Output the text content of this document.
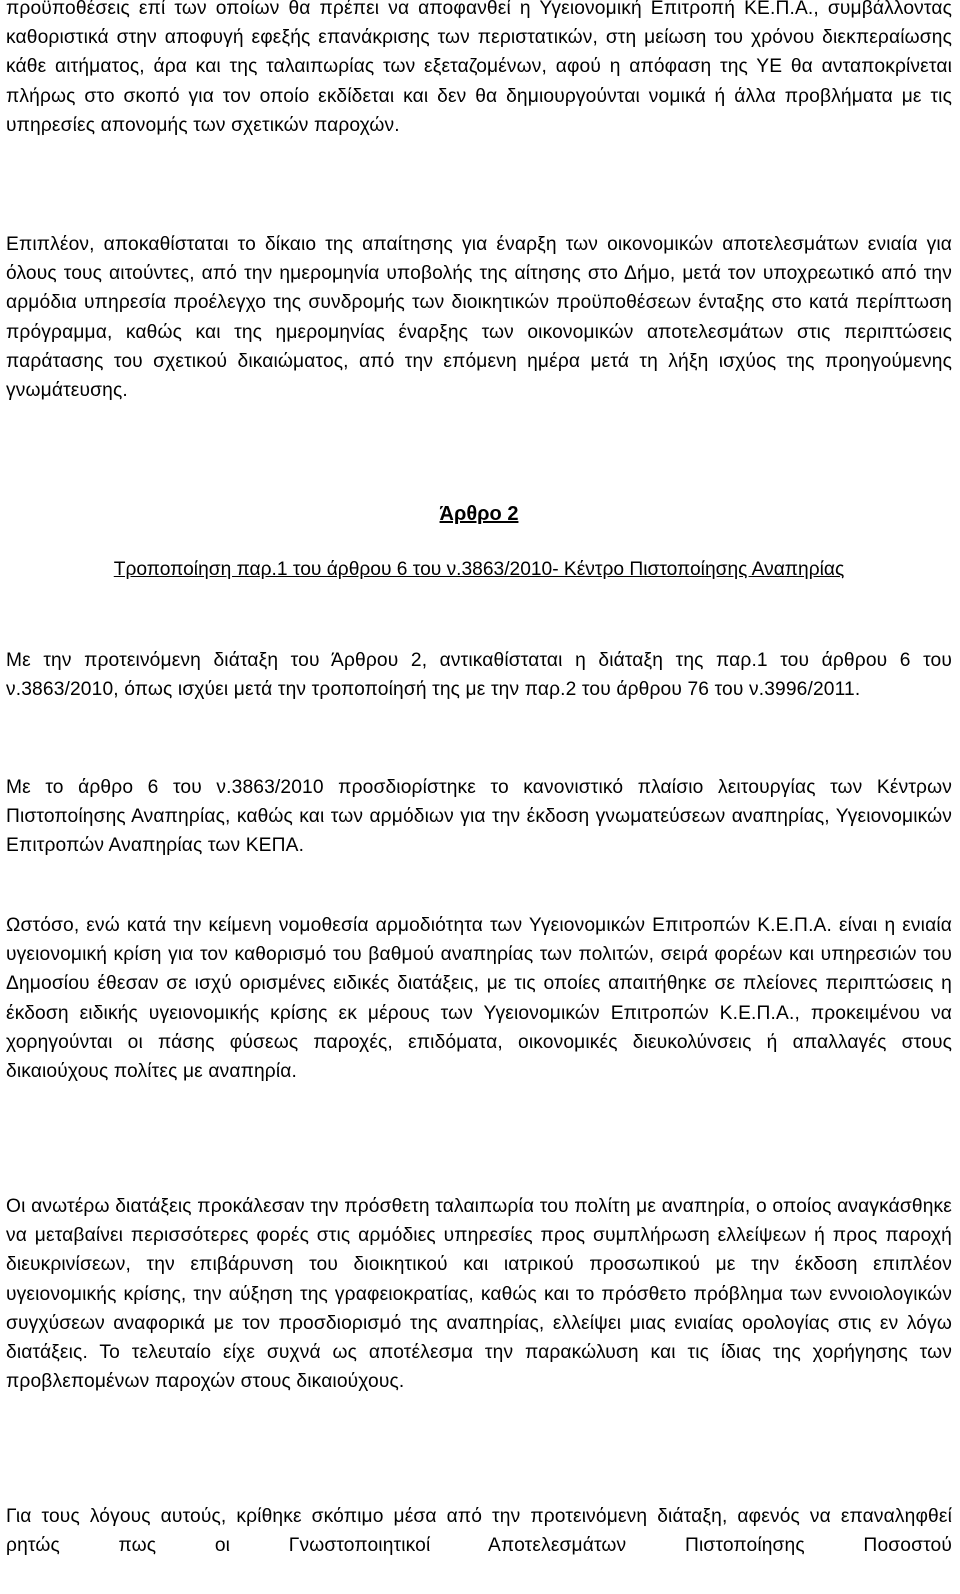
προϋποθέσεις επί των οποίων θα πρέπει να αποφανθεί η Υγειονομική Επιτροπή ΚΕ.Π.Α., συμβάλλοντας καθοριστικά στην αποφυγή εφεξής επανάκρισης των περιστατικών, στη μείωση του χρόνου διεκπεραίωσης κάθε αιτήματος, άρα και της ταλαιπωρίας των εξεταζομένων, αφού η απόφαση της ΥΕ θα ανταποκρίνεται πλήρως στο σκοπό για τον οποίο εκδίδεται και δεν θα δημιουργούνται νομικά ή άλλα προβλήματα με τις υπηρεσίες απονομής των σχετικών παροχών.

Επιπλέον, αποκαθίσταται το δίκαιο της απαίτησης για έναρξη των οικονομικών αποτελεσμάτων ενιαία για όλους τους αιτούντες, από την ημερομηνία υποβολής της αίτησης στο Δήμο, μετά τον υποχρεωτικό από την αρμόδια υπηρεσία προέλεγχο της συνδρομής των διοικητικών προϋποθέσεων ένταξης στο κατά περίπτωση πρόγραμμα, καθώς και της ημερομηνίας έναρξης των οικονομικών αποτελεσμάτων στις περιπτώσεις παράτασης του σχετικού δικαιώματος, από την επόμενη ημέρα μετά τη λήξη ισχύος της προηγούμενης γνωμάτευσης.

Άρθρο 2
Τροποποίηση παρ.1 του άρθρου 6 του ν.3863/2010- Κέντρο Πιστοποίησης Αναπηρίας

Με την προτεινόμενη διάταξη του Άρθρου 2, αντικαθίσταται η διάταξη της παρ.1 του άρθρου 6 του ν.3863/2010, όπως ισχύει μετά την τροποποίησή της με την παρ.2 του άρθρου 76 του ν.3996/2011.

Με το άρθρο 6 του ν.3863/2010 προσδιορίστηκε το κανονιστικό πλαίσιο λειτουργίας των Κέντρων Πιστοποίησης Αναπηρίας, καθώς και των αρμόδιων για την έκδοση γνωματεύσεων αναπηρίας, Υγειονομικών Επιτροπών Αναπηρίας των ΚΕΠΑ.

Ωστόσο, ενώ κατά την κείμενη νομοθεσία αρμοδιότητα των Υγειονομικών Επιτροπών Κ.Ε.Π.Α. είναι η ενιαία υγειονομική κρίση για τον καθορισμό του βαθμού αναπηρίας των πολιτών, σειρά φορέων και υπηρεσιών του Δημοσίου έθεσαν σε ισχύ ορισμένες ειδικές διατάξεις, με τις οποίες απαιτήθηκε σε πλείονες περιπτώσεις η έκδοση ειδικής υγειονομικής κρίσης εκ μέρους των Υγειονομικών Επιτροπών Κ.Ε.Π.Α., προκειμένου να χορηγούνται οι πάσης φύσεως παροχές, επιδόματα, οικονομικές διευκολύνσεις ή απαλλαγές στους δικαιούχους πολίτες με αναπηρία.

Οι ανωτέρω διατάξεις προκάλεσαν την πρόσθετη ταλαιπωρία του πολίτη με αναπηρία, ο οποίος αναγκάσθηκε να μεταβαίνει περισσότερες φορές στις αρμόδιες υπηρεσίες προς συμπλήρωση ελλείψεων ή προς παροχή διευκρινίσεων, την επιβάρυνση του διοικητικού και ιατρικού προσωπικού με την έκδοση επιπλέον υγειονομικής κρίσης, την αύξηση της γραφειοκρατίας, καθώς και το πρόσθετο πρόβλημα των εννοιολογικών συγχύσεων αναφορικά με τον προσδιορισμό της αναπηρίας, ελλείψει μιας ενιαίας ορολογίας στις εν λόγω διατάξεις. Το τελευταίο είχε συχνά ως αποτέλεσμα την παρακώλυση και τις ίδιας της χορήγησης των προβλεπομένων παροχών στους δικαιούχους.

Για τους λόγους αυτούς, κρίθηκε σκόπιμο μέσα από την προτεινόμενη διάταξη, αφενός να επαναληφθεί ρητώς πως οι Γνωστοποιητικοί Αποτελεσμάτων Πιστοποίησης Ποσοστού
